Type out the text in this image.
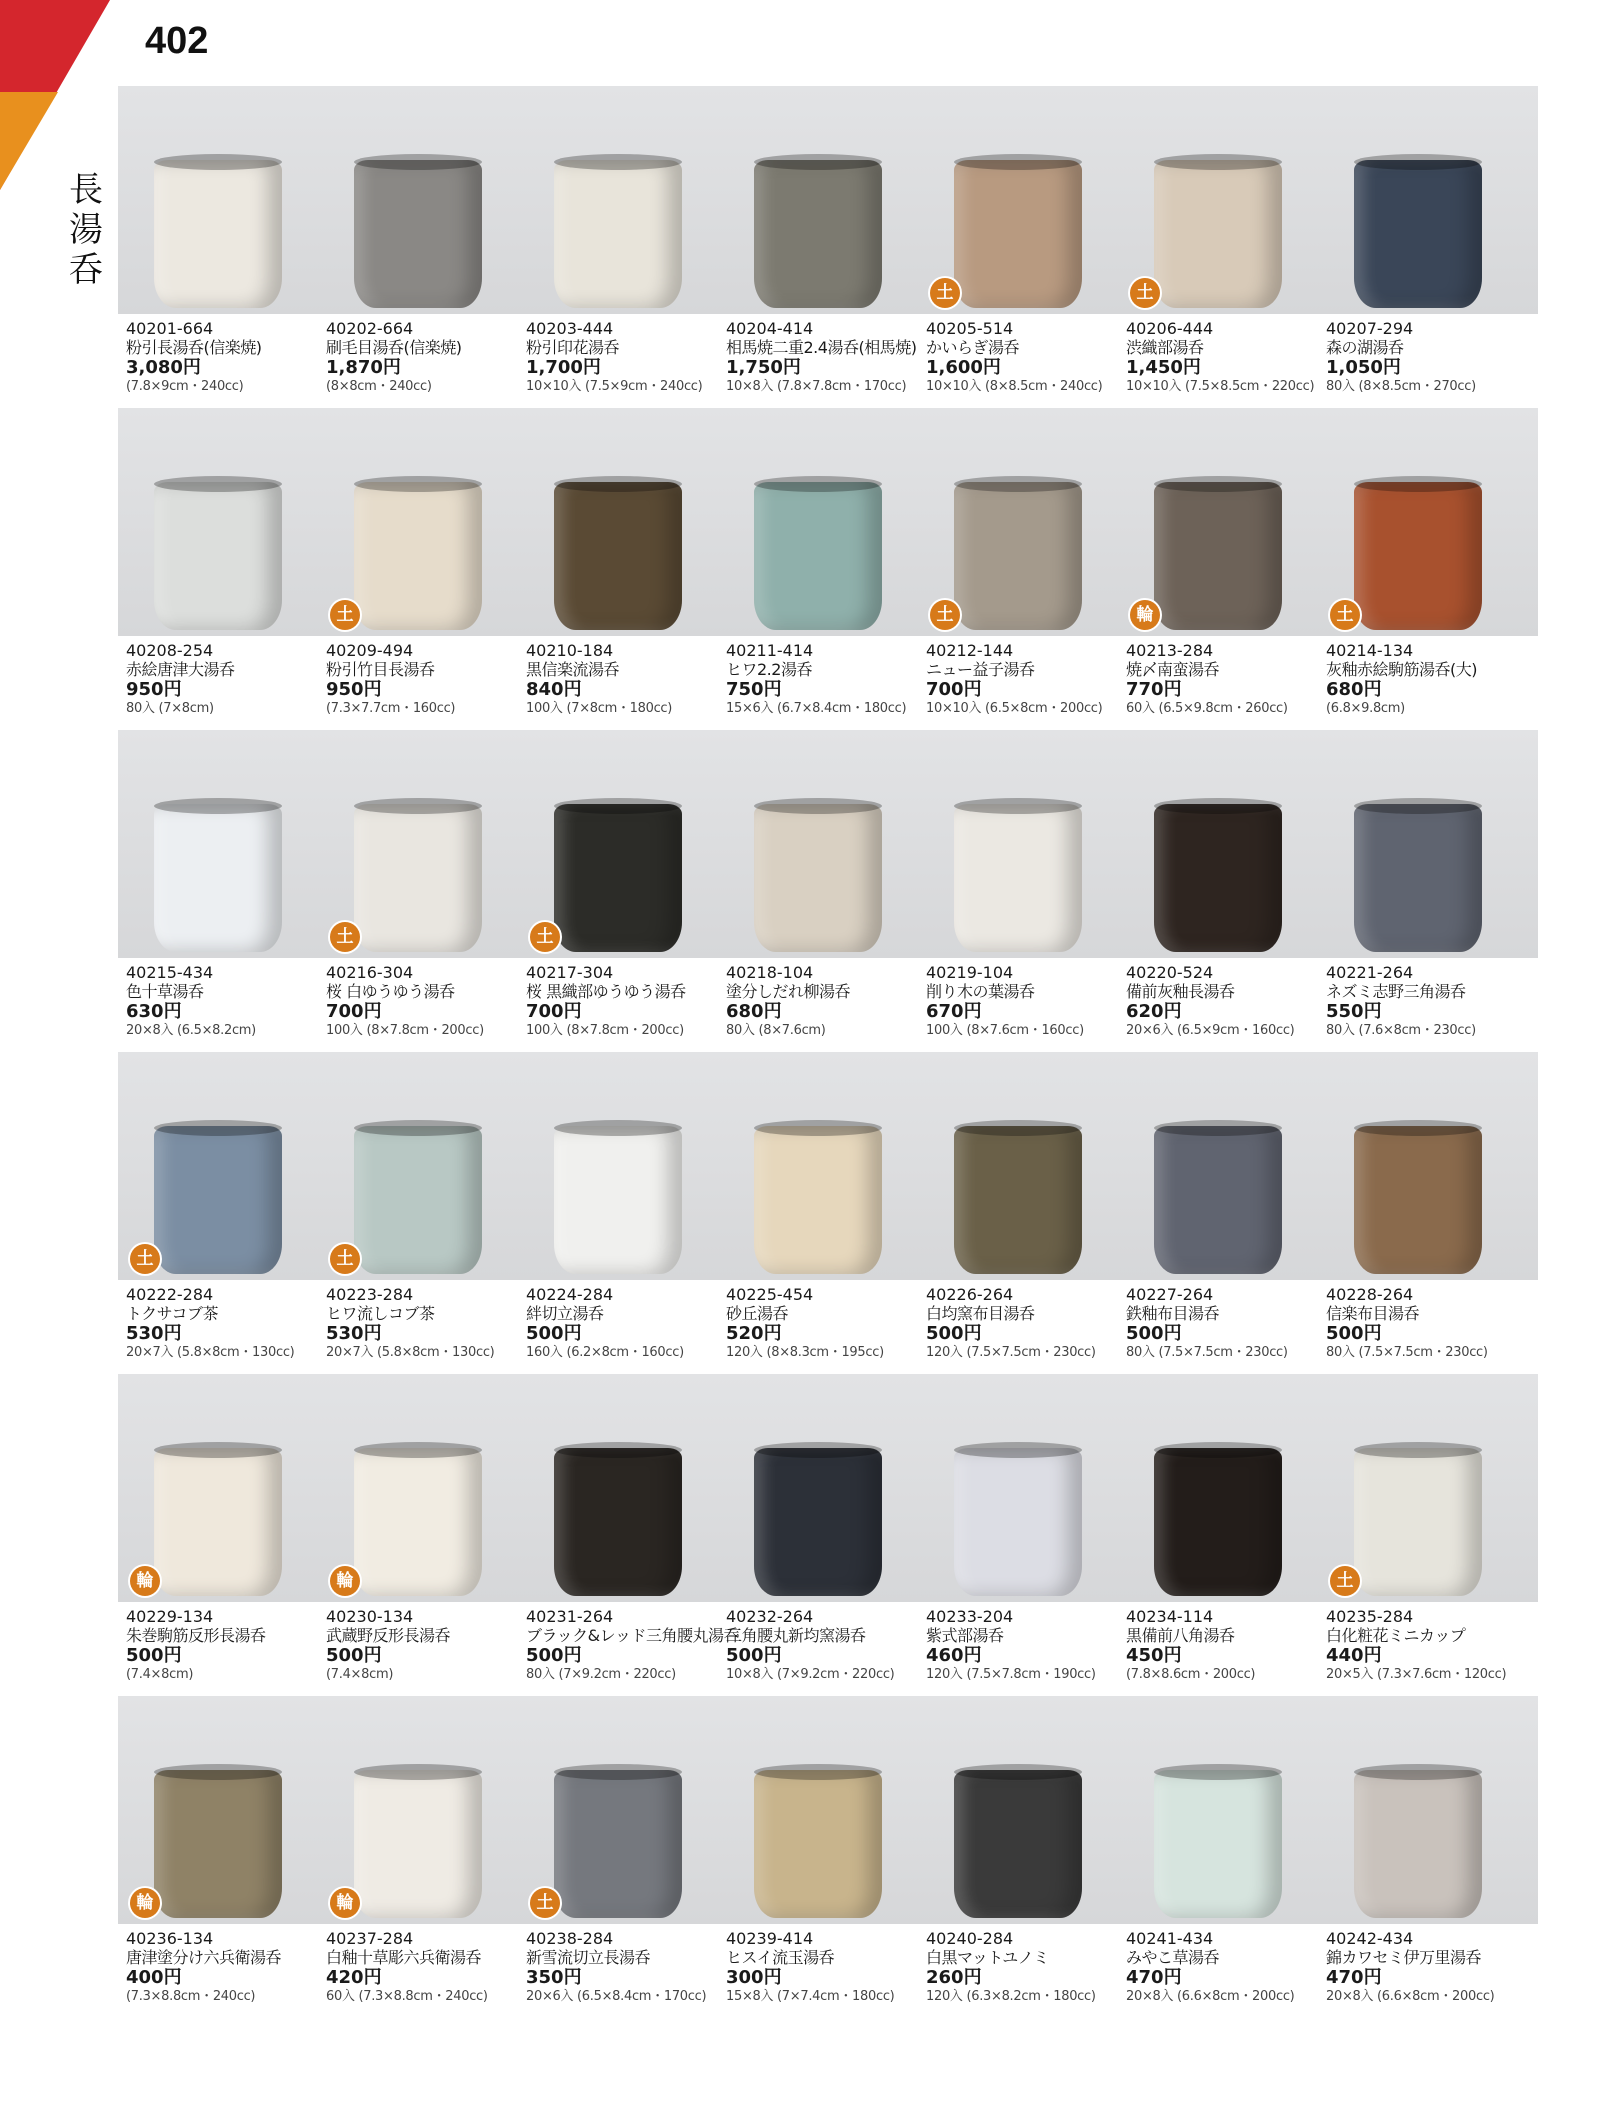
402
長湯呑
40201-664
粉引長湯呑(信楽焼)
3,080円
(7.8×9cm・240cc)
40202-664
刷毛目湯呑(信楽焼)
1,870円
(8×8cm・240cc)
40203-444
粉引印花湯呑
1,700円
10×10入 (7.5×9cm・240cc)
40204-414
相馬焼二重2.4湯呑(相馬焼)
1,750円
10×8入 (7.8×7.8cm・170cc)
土
40205-514
かいらぎ湯呑
1,600円
10×10入 (8×8.5cm・240cc)
土
40206-444
渋織部湯呑
1,450円
10×10入 (7.5×8.5cm・220cc)
40207-294
森の湖湯呑
1,050円
80入 (8×8.5cm・270cc)
40208-254
赤絵唐津大湯呑
950円
80入 (7×8cm)
土
40209-494
粉引竹目長湯呑
950円
(7.3×7.7cm・160cc)
40210-184
黒信楽流湯呑
840円
100入 (7×8cm・180cc)
40211-414
ヒワ2.2湯呑
750円
15×6入 (6.7×8.4cm・180cc)
土
40212-144
ニュー益子湯呑
700円
10×10入 (6.5×8cm・200cc)
輪
40213-284
焼〆南蛮湯呑
770円
60入 (6.5×9.8cm・260cc)
土
40214-134
灰釉赤絵駒筋湯呑(大)
680円
(6.8×9.8cm)
40215-434
色十草湯呑
630円
20×8入 (6.5×8.2cm)
土
40216-304
桜 白ゆうゆう湯呑
700円
100入 (8×7.8cm・200cc)
土
40217-304
桜 黒織部ゆうゆう湯呑
700円
100入 (8×7.8cm・200cc)
40218-104
塗分しだれ柳湯呑
680円
80入 (8×7.6cm)
40219-104
削り木の葉湯呑
670円
100入 (8×7.6cm・160cc)
40220-524
備前灰釉長湯呑
620円
20×6入 (6.5×9cm・160cc)
40221-264
ネズミ志野三角湯呑
550円
80入 (7.6×8cm・230cc)
土
40222-284
トクサコブ茶
530円
20×7入 (5.8×8cm・130cc)
土
40223-284
ヒワ流しコブ茶
530円
20×7入 (5.8×8cm・130cc)
40224-284
絆切立湯呑
500円
160入 (6.2×8cm・160cc)
40225-454
砂丘湯呑
520円
120入 (8×8.3cm・195cc)
40226-264
白均窯布目湯呑
500円
120入 (7.5×7.5cm・230cc)
40227-264
鉄釉布目湯呑
500円
80入 (7.5×7.5cm・230cc)
40228-264
信楽布目湯呑
500円
80入 (7.5×7.5cm・230cc)
輪
40229-134
朱巻駒筋反形長湯呑
500円
(7.4×8cm)
輪
40230-134
武蔵野反形長湯呑
500円
(7.4×8cm)
40231-264
ブラック&レッド三角腰丸湯呑
500円
80入 (7×9.2cm・220cc)
40232-264
三角腰丸新均窯湯呑
500円
10×8入 (7×9.2cm・220cc)
40233-204
紫式部湯呑
460円
120入 (7.5×7.8cm・190cc)
40234-114
黒備前八角湯呑
450円
(7.8×8.6cm・200cc)
土
40235-284
白化粧花ミニカップ
440円
20×5入 (7.3×7.6cm・120cc)
輪
40236-134
唐津塗分け六兵衛湯呑
400円
(7.3×8.8cm・240cc)
輪
40237-284
白釉十草彫六兵衛湯呑
420円
60入 (7.3×8.8cm・240cc)
土
40238-284
新雪流切立長湯呑
350円
20×6入 (6.5×8.4cm・170cc)
40239-414
ヒスイ流玉湯呑
300円
15×8入 (7×7.4cm・180cc)
40240-284
白黒マットユノミ
260円
120入 (6.3×8.2cm・180cc)
40241-434
みやこ草湯呑
470円
20×8入 (6.6×8cm・200cc)
40242-434
錦カワセミ伊万里湯呑
470円
20×8入 (6.6×8cm・200cc)
